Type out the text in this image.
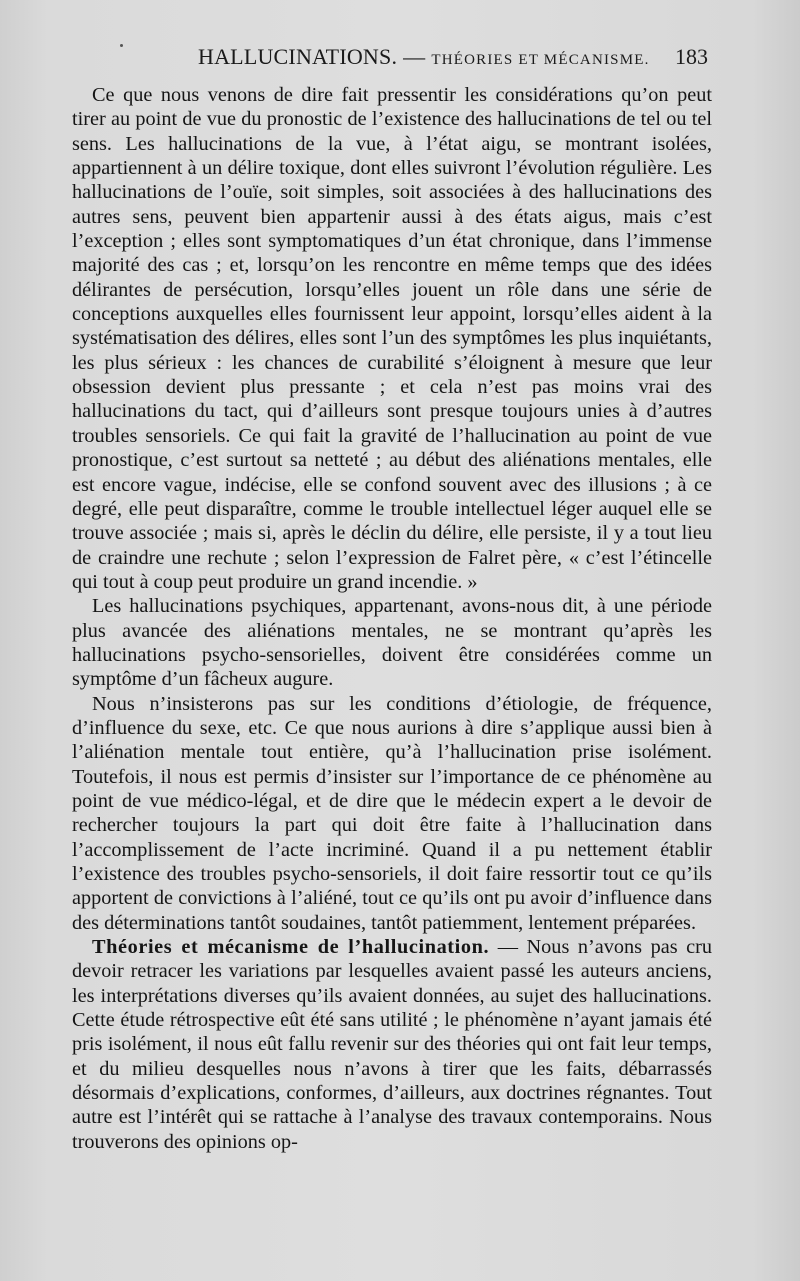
HALLUCINATIONS. — THÉORIES ET MÉCANISME. 183

Ce que nous venons de dire fait pressentir les considérations qu’on peut tirer au point de vue du pronostic de l’existence des hallucinations de tel ou tel sens. Les hallucinations de la vue, à l’état aigu, se montrant isolées, appartiennent à un délire toxique, dont elles suivront l’évolution régulière. Les hallucinations de l’ouïe, soit simples, soit associées à des hallucinations des autres sens, peuvent bien appartenir aussi à des états aigus, mais c’est l’exception ; elles sont symptomatiques d’un état chronique, dans l’immense majorité des cas ; et, lorsqu’on les rencontre en même temps que des idées délirantes de persécution, lorsqu’elles jouent un rôle dans une série de conceptions auxquelles elles fournissent leur appoint, lorsqu’elles aident à la systématisation des délires, elles sont l’un des symptômes les plus inquiétants, les plus sérieux : les chances de curabilité s’éloignent à mesure que leur obsession devient plus pressante ; et cela n’est pas moins vrai des hallucinations du tact, qui d’ailleurs sont presque toujours unies à d’autres troubles sensoriels. Ce qui fait la gravité de l’hallucination au point de vue pronostique, c’est surtout sa netteté ; au début des aliénations mentales, elle est encore vague, indécise, elle se confond souvent avec des illusions ; à ce degré, elle peut disparaître, comme le trouble intellectuel léger auquel elle se trouve associée ; mais si, après le déclin du délire, elle persiste, il y a tout lieu de craindre une rechute ; selon l’expression de Falret père, « c’est l’étincelle qui tout à coup peut produire un grand incendie. »

Les hallucinations psychiques, appartenant, avons-nous dit, à une période plus avancée des aliénations mentales, ne se montrant qu’après les hallucinations psycho-sensorielles, doivent être considérées comme un symptôme d’un fâcheux augure.

Nous n’insisterons pas sur les conditions d’étiologie, de fréquence, d’influence du sexe, etc. Ce que nous aurions à dire s’applique aussi bien à l’aliénation mentale tout entière, qu’à l’hallucination prise isolément. Toutefois, il nous est permis d’insister sur l’importance de ce phénomène au point de vue médico-légal, et de dire que le médecin expert a le devoir de rechercher toujours la part qui doit être faite à l’hallucination dans l’accomplissement de l’acte incriminé. Quand il a pu nettement établir l’existence des troubles psycho-sensoriels, il doit faire ressortir tout ce qu’ils apportent de convictions à l’aliéné, tout ce qu’ils ont pu avoir d’influence dans des déterminations tantôt soudaines, tantôt patiemment, lentement préparées.

Théories et mécanisme de l’hallucination. — Nous n’avons pas cru devoir retracer les variations par lesquelles avaient passé les auteurs anciens, les interprétations diverses qu’ils avaient données, au sujet des hallucinations. Cette étude rétrospective eût été sans utilité ; le phénomène n’ayant jamais été pris isolément, il nous eût fallu revenir sur des théories qui ont fait leur temps, et du milieu desquelles nous n’avons à tirer que les faits, débarrassés désormais d’explications, conformes, d’ailleurs, aux doctrines régnantes. Tout autre est l’intérêt qui se rattache à l’analyse des travaux contemporains. Nous trouverons des opinions op-
